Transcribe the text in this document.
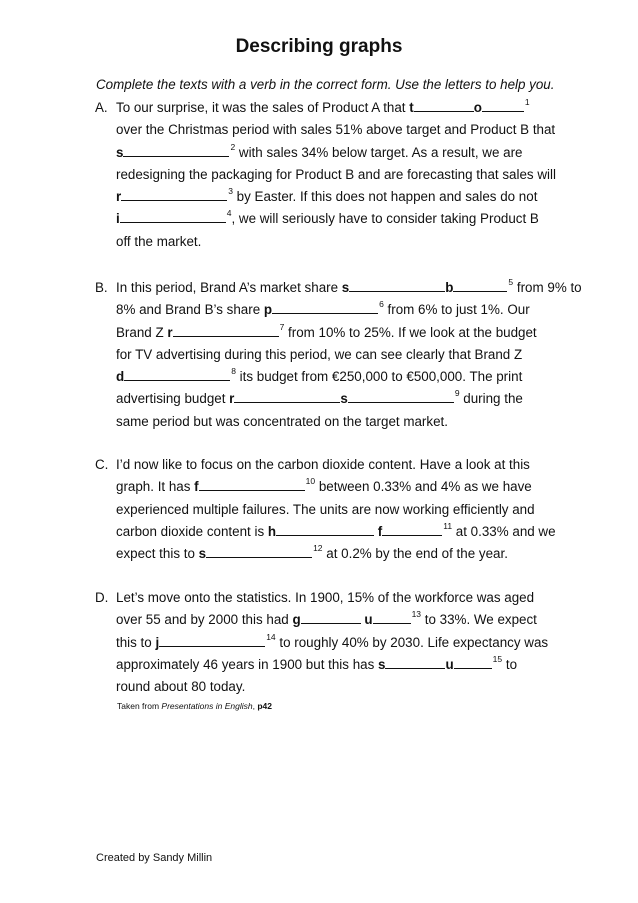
Describing graphs
Complete the texts with a verb in the correct form. Use the letters to help you.
A. To our surprise, it was the sales of Product A that t	o	$^1$
over the Christmas period with sales 51% above target and Product B that
s	$^2$ with sales 34% below target. As a result, we are
redesigning the packaging for Product B and are forecasting that sales will
r	$^3$ by Easter. If this does not happen and sales do not
i	$^4$, we will seriously have to consider taking Product B
off the market.
B. In this period, Brand A’s market share s	b	$^5$ from 9% to
8% and Brand B’s share p	$^6$ from 6% to just 1%. Our
Brand Z r	$^7$ from 10% to 25%. If we look at the budget
for TV advertising during this period, we can see clearly that Brand Z
d	$^8$ its budget from €250,000 to €500,000. The print
advertising budget r	s	$^9$ during the
same period but was concentrated on the target market.
C. I’d now like to focus on the carbon dioxide content. Have a look at this
graph. It has f	$^{10}$ between 0.33% and 4% as we have
experienced multiple failures. The units are now working efficiently and
carbon dioxide content is h	f	$^{11}$ at 0.33% and we
expect this to s	$^{12}$ at 0.2% by the end of the year.
D. Let’s move onto the statistics. In 1900, 15% of the workforce was aged
over 55 and by 2000 this had g	u	$^{13}$ to 33%. We expect
this to j	$^{14}$ to roughly 40% by 2030. Life expectancy was
approximately 46 years in 1900 but this has s	u	$^{15}$ to
round about 80 today.
Taken from Presentations in English, p42
Created by Sandy Millin
